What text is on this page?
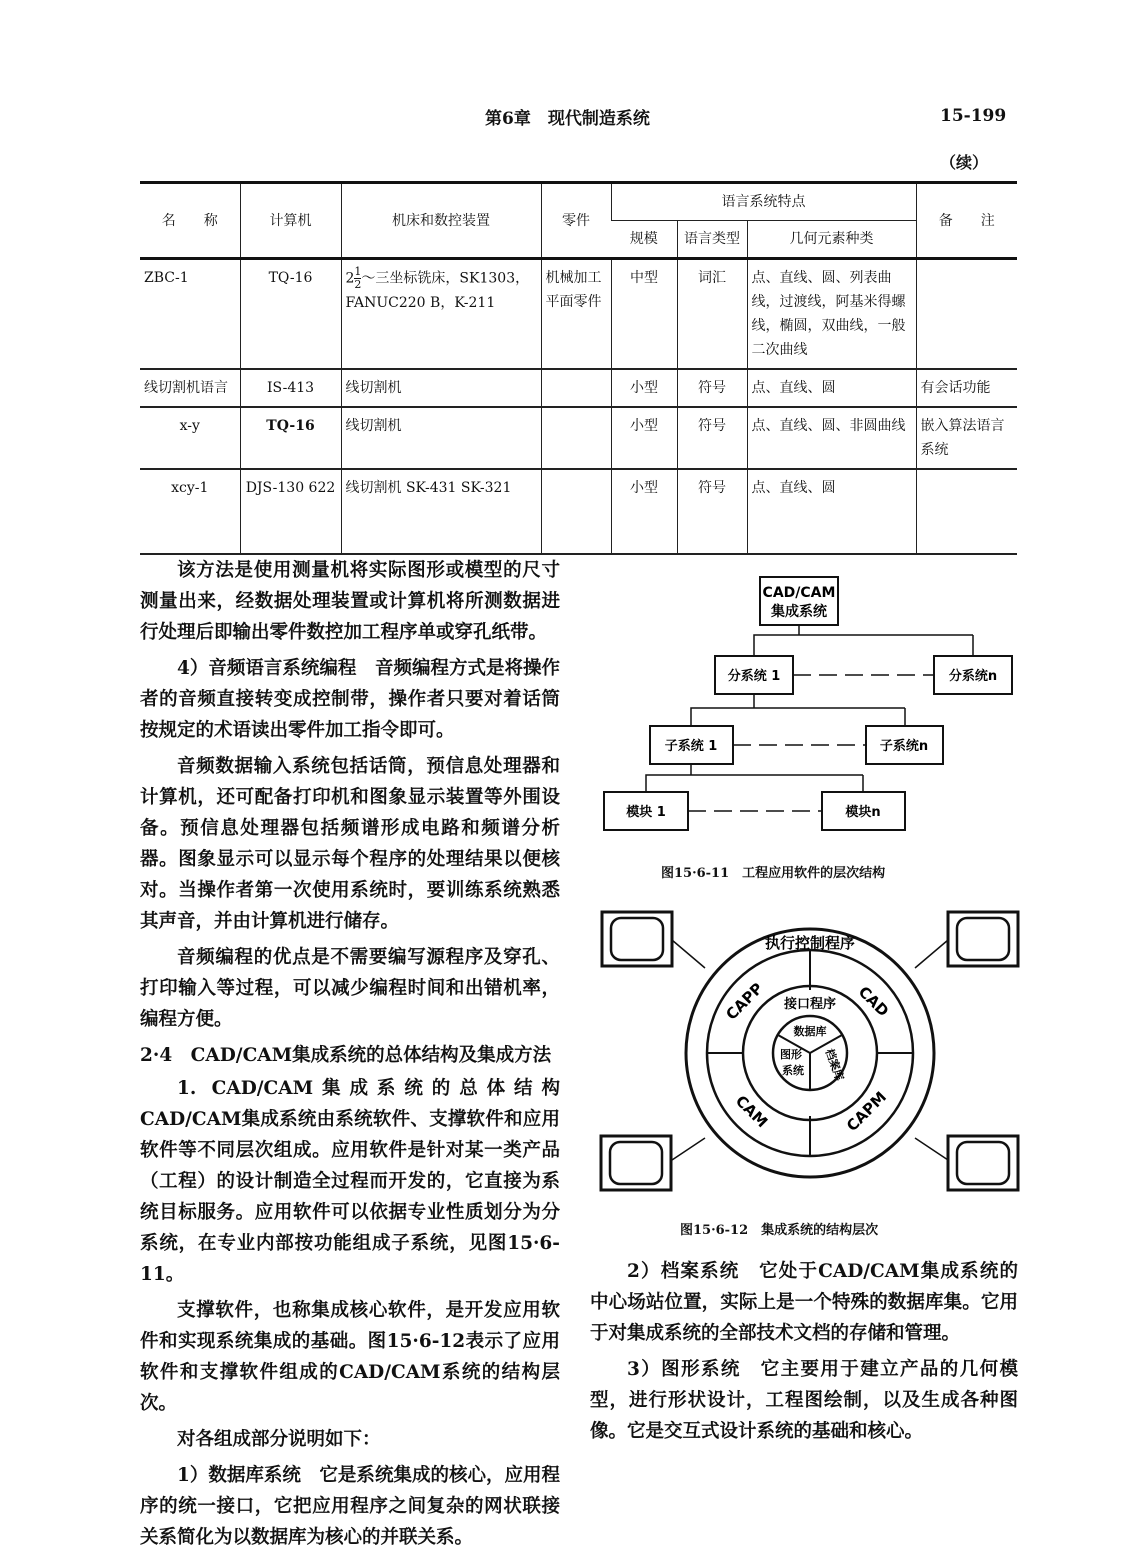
第6章　现代制造系统	15-199
（续）
名　　称	计算机	机床和数控装置	零件	语言系统特点			备　　注
				规模	语言类型	几何元素种类	
ZBC-1	TQ-16	$2 \frac{1}{2}$ ～三坐标铣床，SK1303，FANUC220 B，K-211	机械加工平面零件	中型	词汇	点、直线、圆、列表曲线，过渡线，阿基米得螺线，椭圆，双曲线，一般二次曲线	
线切割机语言	IS-413	线切割机		小型	符号	点、直线、圆	有会话功能
x-y	TQ-16	线切割机		小型	符号	点、直线、圆、非圆曲线	嵌入算法语言系统
xcy-1	DJS-130 622	线切割机 SK-431 SK-321		小型	符号	点、直线、圆	

该方法是使用测量机将实际图形或模型的尺寸测量出来，经数据处理装置或计算机将所测数据进行处理后即输出零件数控加工程序单或穿孔纸带。

4）音频语言系统编程　音频编程方式是将操作者的音频直接转变成控制带，操作者只要对着话筒按规定的术语读出零件加工指令即可。

音频数据输入系统包括话筒，预信息处理器和计算机，还可配备打印机和图象显示装置等外围设备。预信息处理器包括频谱形成电路和频谱分析器。图象显示可以显示每个程序的处理结果以便核对。当操作者第一次使用系统时，要训练系统熟悉其声音，并由计算机进行储存。

音频编程的优点是不需要编写源程序及穿孔、打印输入等过程，可以减少编程时间和出错机率，编程方便。

2·4　CAD/CAM集成系统的总体结构及集成方法

1. CAD/CAM集成系统的总体结构　CAD/CAM集成系统由系统软件、支撑软件和应用软件等不同层次组成。应用软件是针对某一类产品（工程）的设计制造全过程而开发的，它直接为系统目标服务。应用软件可以依据专业性质划分为分系统，在专业内部按功能组成子系统，见图15·6-11。

支撑软件，也称集成核心软件，是开发应用软件和实现系统集成的基础。图15·6-12表示了应用软件和支撑软件组成的CAD/CAM系统的结构层次。

对各组成部分说明如下：

1）数据库系统　它是系统集成的核心，应用程序的统一接口，它把应用程序之间复杂的网状联接关系简化为以数据库为核心的并联关系。

CAD/CAM
集成系统
分系统 1	分系统n
子系统 1	子系统n
模块 1	模块n
执行控制程序
CAPP	CAD
CAM	CAPM
接口程序
数据库
图形
系统 档案库
图15·6-11　工程应用软件的层次结构
图15·6-12　集成系统的结构层次

2）档案系统　它处于CAD/CAM集成系统的中心场站位置，实际上是一个特殊的数据库集。它用于对集成系统的全部技术文档的存储和管理。

3）图形系统　它主要用于建立产品的几何模型，进行形状设计，工程图绘制，以及生成各种图像。它是交互式设计系统的基础和核心。
